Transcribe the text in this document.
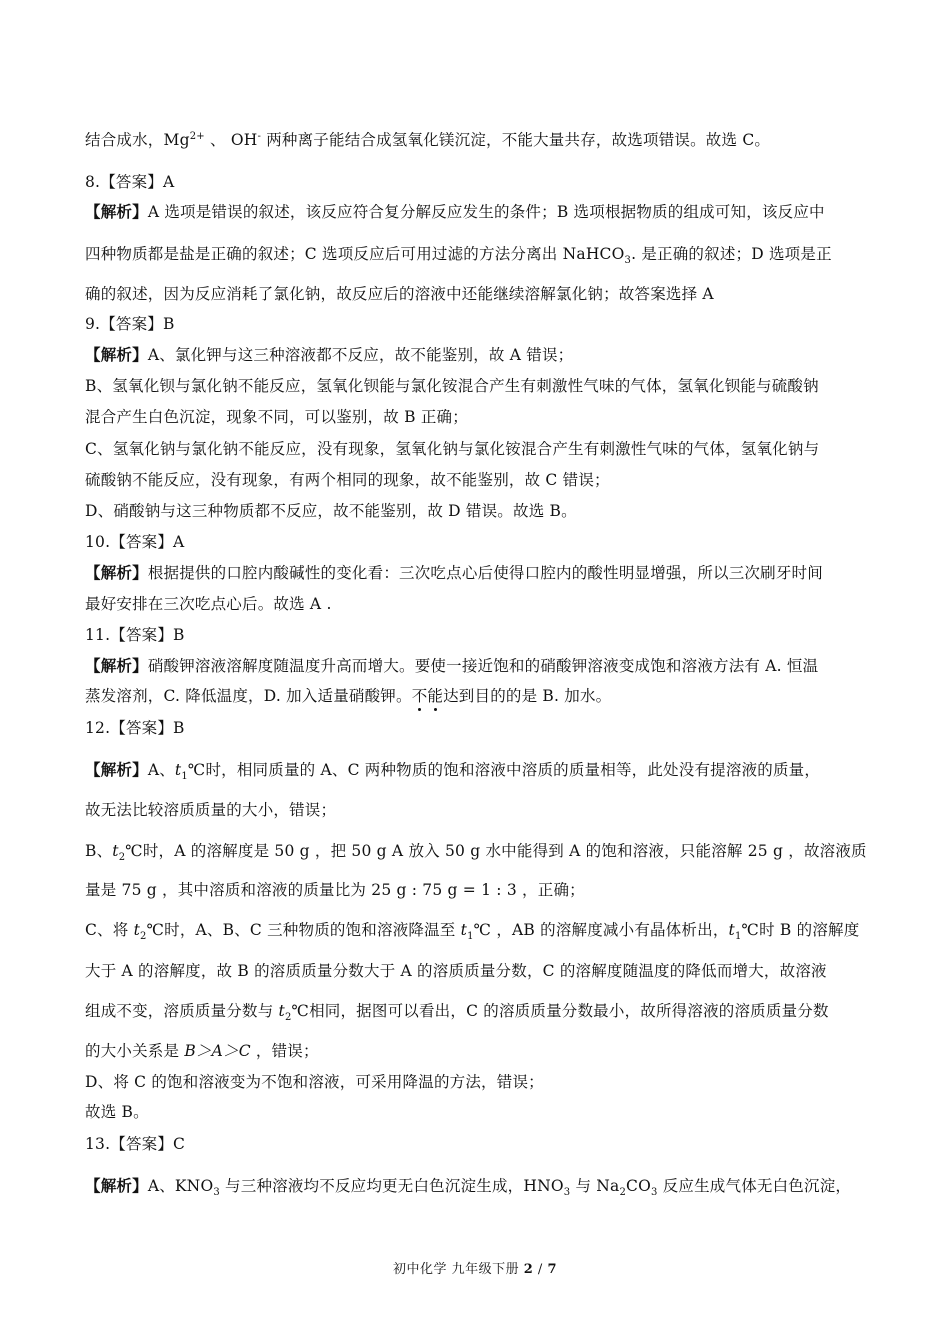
结合成水，$Mg^{2+}$ 、 OH- 两种离子能结合成氢氧化镁沉淀，不能大量共存，故选项错误。故选 C。
8.【答案】A
【解析】A 选项是错误的叙述，该反应符合复分解反应发生的条件；B 选项根据物质的组成可知，该反应中
四种物质都是盐是正确的叙述；C 选项反应后可用过滤的方法分离出 NaHCO$_3$. 是正确的叙述；D 选项是正
确的叙述，因为反应消耗了氯化钠，故反应后的溶液中还能继续溶解氯化钠；故答案选择 A
9.【答案】B
【解析】A、氯化钾与这三种溶液都不反应，故不能鉴别，故 A 错误；
B、氢氧化钡与氯化钠不能反应，氢氧化钡能与氯化铵混合产生有刺激性气味的气体，氢氧化钡能与硫酸钠
混合产生白色沉淀，现象不同，可以鉴别，故 B 正确；
C、氢氧化钠与氯化钠不能反应，没有现象，氢氧化钠与氯化铵混合产生有刺激性气味的气体，氢氧化钠与
硫酸钠不能反应，没有现象，有两个相同的现象，故不能鉴别，故 C 错误；
D、硝酸钠与这三种物质都不反应，故不能鉴别，故 D 错误。故选 B。
10.【答案】A
【解析】根据提供的口腔内酸碱性的变化看：三次吃点心后使得口腔内的酸性明显增强，所以三次刷牙时间
最好安排在三次吃点心后。故选 A .
11.【答案】B
【解析】硝酸钾溶液溶解度随温度升高而增大。要使一接近饱和的硝酸钾溶液变成饱和溶液方法有 A. 恒温
蒸发溶剂，C. 降低温度，D. 加入适量硝酸钾。不能达到目的的是 B. 加水。
12.【答案】B
【解析】A、$t_1℃$时，相同质量的 A、C 两种物质的饱和溶液中溶质的质量相等，此处没有提溶液的质量，
故无法比较溶质质量的大小，错误；
B、$t_2℃$时，A 的溶解度是 50 g ，把 50 g A 放入 50 g 水中能得到 A 的饱和溶液，只能溶解 25 g ，故溶液质
量是 75 g ，其中溶质和溶液的质量比为 25 g : 75 g = 1 : 3 ，正确；
C、将 $t_2℃$时，A、B、C 三种物质的饱和溶液降温至 $t_1℃$ ，AB 的溶解度减小有晶体析出，$t_1℃$时 B 的溶解度
大于 A 的溶解度，故 B 的溶质质量分数大于 A 的溶质质量分数，C 的溶解度随温度的降低而增大，故溶液
组成不变，溶质质量分数与 $t_2℃$相同，据图可以看出，C 的溶质质量分数最小，故所得溶液的溶质质量分数
的大小关系是 B＞A＞C ，错误；
D、将 C 的饱和溶液变为不饱和溶液，可采用降温的方法，错误；
故选 B。
13.【答案】C
【解析】A、$KNO_3$ 与三种溶液均不反应均更无白色沉淀生成，$HNO_3$ 与 $Na_2CO_3$ 反应生成气体无白色沉淀，
初中化学 九年级下册 2 / 7
